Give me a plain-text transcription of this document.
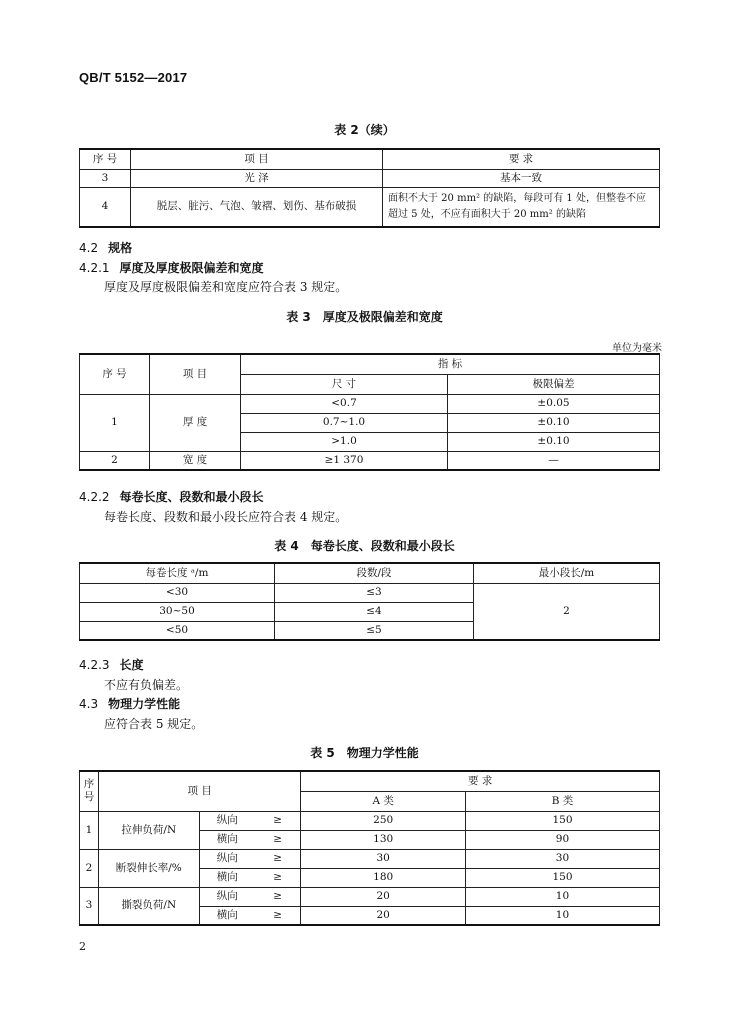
QB/T 5152—2017
表 2（续）
序 号	项 目	要 求
3	光 泽	基本一致
4	脱层、脏污、气泡、皱褶、划伤、基布破损	面积不大于 20 mm² 的缺陷，每段可有 1 处，但整卷不应超过 5 处，不应有面积大于 20 mm² 的缺陷
4.2 规格
4.2.1 厚度及厚度极限偏差和宽度
厚度及厚度极限偏差和宽度应符合表 3 规定。
表 3　厚度及极限偏差和宽度
单位为毫米
序 号	项 目	指 标	
		尺 寸	极限偏差
1	厚 度	<0.7	±0.05
		0.7~1.0	±0.10
		>1.0	±0.10
2	宽 度	≥1 370	—
4.2.2 每卷长度、段数和最小段长
每卷长度、段数和最小段长应符合表 4 规定。
表 4　每卷长度、段数和最小段长
每卷长度 ᵃ/m	段数/段	最小段长/m
<30	≤3	2
30~50	≤4	
<50	≤5	
4.2.3 长度
不应有负偏差。
4.3 物理力学性能
应符合表 5 规定。
表 5　物理力学性能
序号	项 目			要 求	
				A 类	B 类
1	拉伸负荷/N	纵向	≥	250	150
		横向	≥	130	90
2	断裂伸长率/%	纵向	≥	30	30
		横向	≥	180	150
3	撕裂负荷/N	纵向	≥	20	10
		横向	≥	20	10
2
